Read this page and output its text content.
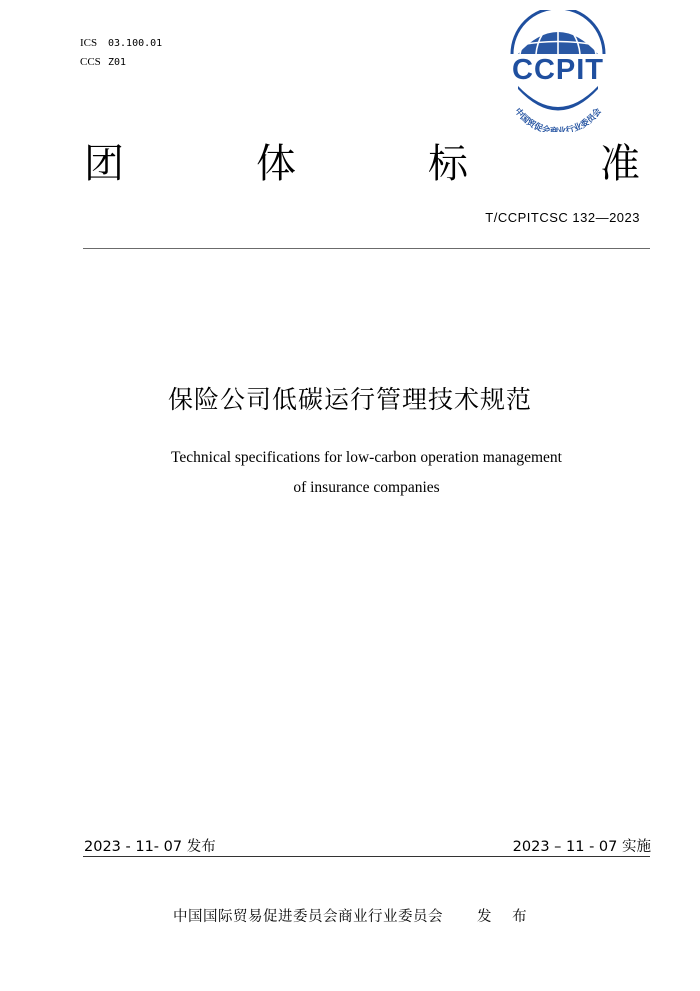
ICS 03.100.01
CCS Z01	CCPIT
中国贸促会商业行业委员会
团	体	标	准
T/CCPITCSC 132—2023
保险公司低碳运行管理技术规范
Technical specifications for low-carbon operation management
of insurance companies
2023 - 11- 07 发布	2023 – 11 - 07 实施
中国国际贸易促进委员会商业行业委员会 发 布
